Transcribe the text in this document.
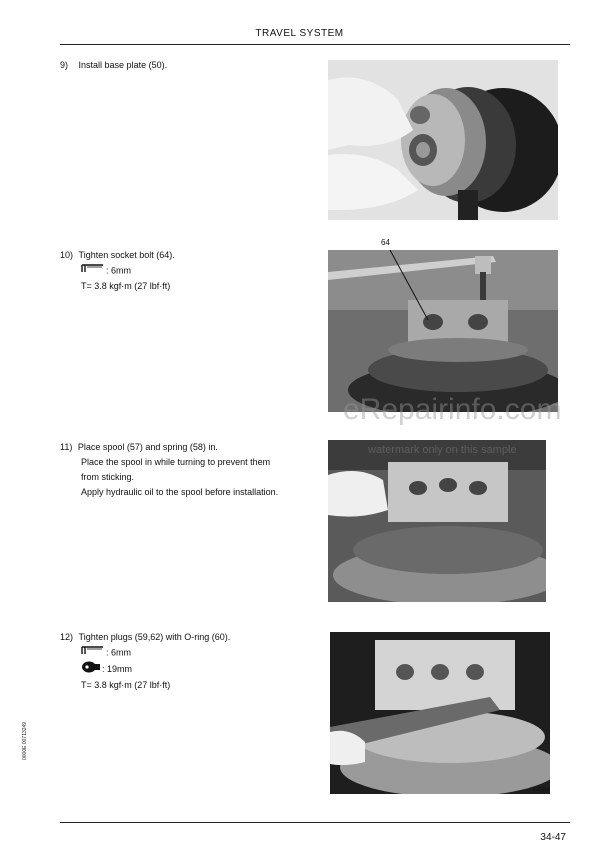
TRAVEL SYSTEM
9) Install base plate (50).
10) Tighten socket bolt (64).
: 6mm
T= 3.8 kgf·m (27 lbf·ft)
11) Place spool (57) and spring (58) in.
Place the spool in while turning to prevent them
from sticking.
Apply hydraulic oil to the spool before installation.
12) Tighten plugs (59,62) with O-ring (60).
: 6mm
: 19mm
T= 3.8 kgf·m (27 lbf·ft)
64
F20064
eRepairinfo.com
watermark only on this sample
0000E 00713249
34-47
